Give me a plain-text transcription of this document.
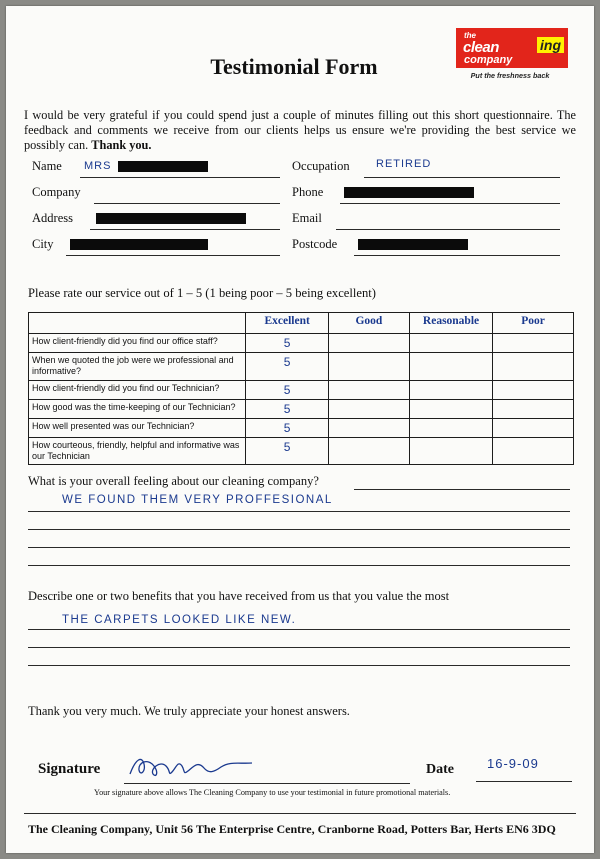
the
clean	ing
company
Put the freshness back
Testimonial Form
I would be very grateful if you could spend just a couple of minutes filling out this short questionnaire. The feedback and comments we receive from our clients helps us ensure we're providing the best service we possibly can. Thank you.
Name MRS	Occupation RETIRED
Company	Phone
Address	Email
City	Postcode
Please rate our service out of 1 – 5 (1 being poor – 5 being excellent)
	Excellent	Good	Reasonable	Poor
How client-friendly did you find our office staff?	5			
When we quoted the job were we professional and informative?	5			
How client-friendly did you find our Technician?	5			
How good was the time-keeping of our Technician?	5			
How well presented was our Technician?	5			
How courteous, friendly, helpful and informative was our Technician	5			
What is your overall feeling about our cleaning company?
WE FOUND THEM VERY PROFFESIONAL
Describe one or two benefits that you have received from us that you value the most
THE CARPETS LOOKED LIKE NEW.
Thank you very much. We truly appreciate your honest answers.
Signature	Date	16-9-09
Your signature above allows The Cleaning Company to use your testimonial in future promotional materials.
The Cleaning Company, Unit 56 The Enterprise Centre, Cranborne Road, Potters Bar, Herts EN6 3DQ
